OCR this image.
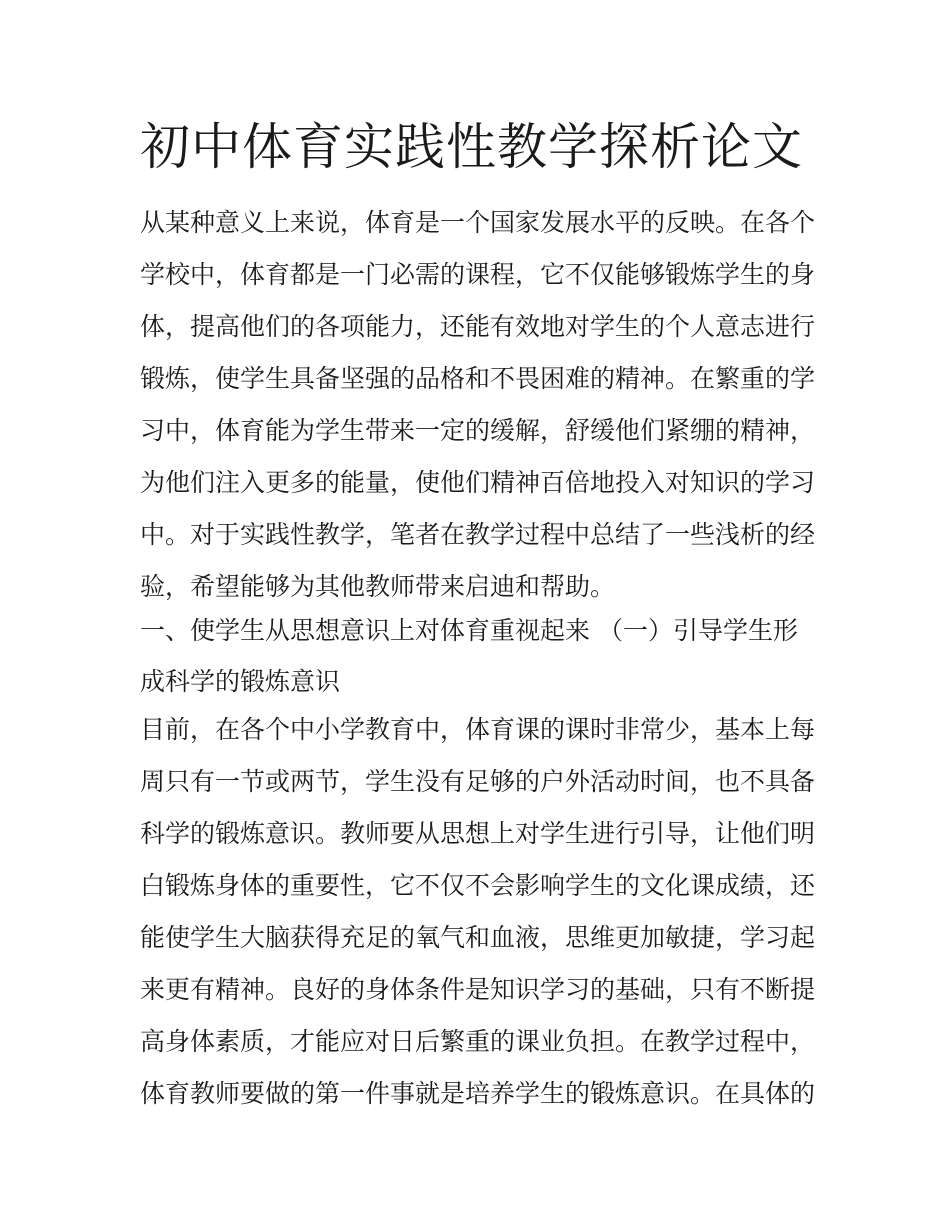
初中体育实践性教学探析论文

从某种意义上来说，体育是一个国家发展水平的反映。在各个

学校中，体育都是一门必需的课程，它不仅能够锻炼学生的身

体，提高他们的各项能力，还能有效地对学生的个人意志进行

锻炼，使学生具备坚强的品格和不畏困难的精神。在繁重的学

习中，体育能为学生带来一定的缓解，舒缓他们紧绷的精神，

为他们注入更多的能量，使他们精神百倍地投入对知识的学习

中。对于实践性教学，笔者在教学过程中总结了一些浅析的经

验，希望能够为其他教师带来启迪和帮助。

一、使学生从思想意识上对体育重视起来 （一）引导学生形

成科学的锻炼意识

目前，在各个中小学教育中，体育课的课时非常少，基本上每

周只有一节或两节，学生没有足够的户外活动时间，也不具备

科学的锻炼意识。教师要从思想上对学生进行引导，让他们明

白锻炼身体的重要性，它不仅不会影响学生的文化课成绩，还

能使学生大脑获得充足的氧气和血液，思维更加敏捷，学习起

来更有精神。良好的身体条件是知识学习的基础，只有不断提

高身体素质，才能应对日后繁重的课业负担。在教学过程中，

体育教师要做的第一件事就是培养学生的锻炼意识。在具体的
